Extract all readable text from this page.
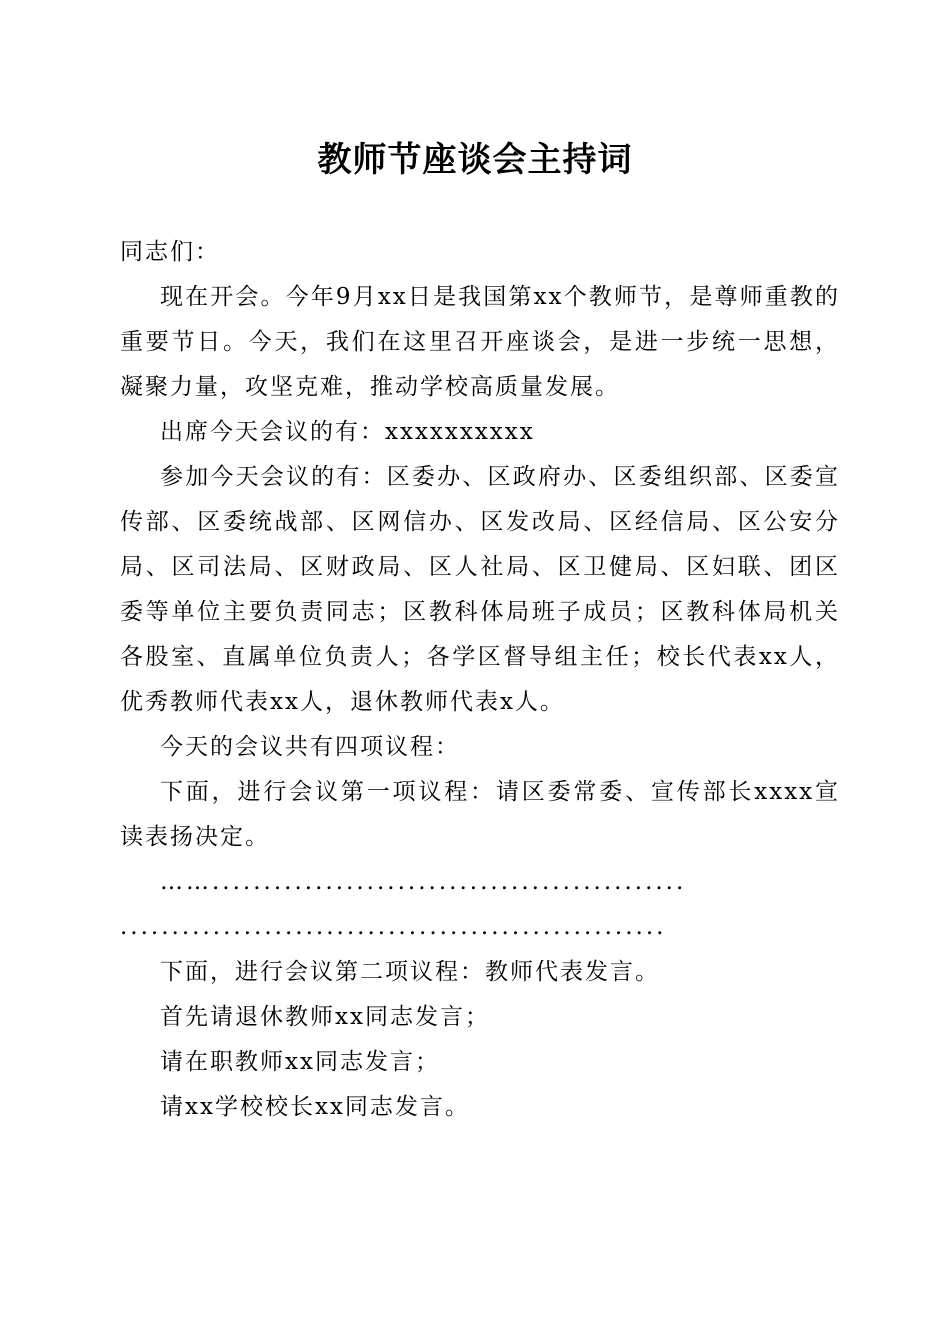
教师节座谈会主持词

同志们：

现在开会。今年9月xx日是我国第xx个教师节，是尊师重教的重要节日。今天，我们在这里召开座谈会，是进一步统一思想，凝聚力量，攻坚克难，推动学校高质量发展。

出席今天会议的有：xxxxxxxxxx

参加今天会议的有：区委办、区政府办、区委组织部、区委宣传部、区委统战部、区网信办、区发改局、区经信局、区公安分局、区司法局、区财政局、区人社局、区卫健局、区妇联、团区委等单位主要负责同志；区教科体局班子成员；区教科体局机关各股室、直属单位负责人；各学区督导组主任；校长代表xx人，优秀教师代表xx人，退休教师代表x人。

今天的会议共有四项议程：

下面，进行会议第一项议程：请区委常委、宣传部长xxxx宣读表扬决定。

……..............................................

.....................................................

下面，进行会议第二项议程：教师代表发言。

首先请退休教师xx同志发言；

请在职教师xx同志发言；

请xx学校校长xx同志发言。
